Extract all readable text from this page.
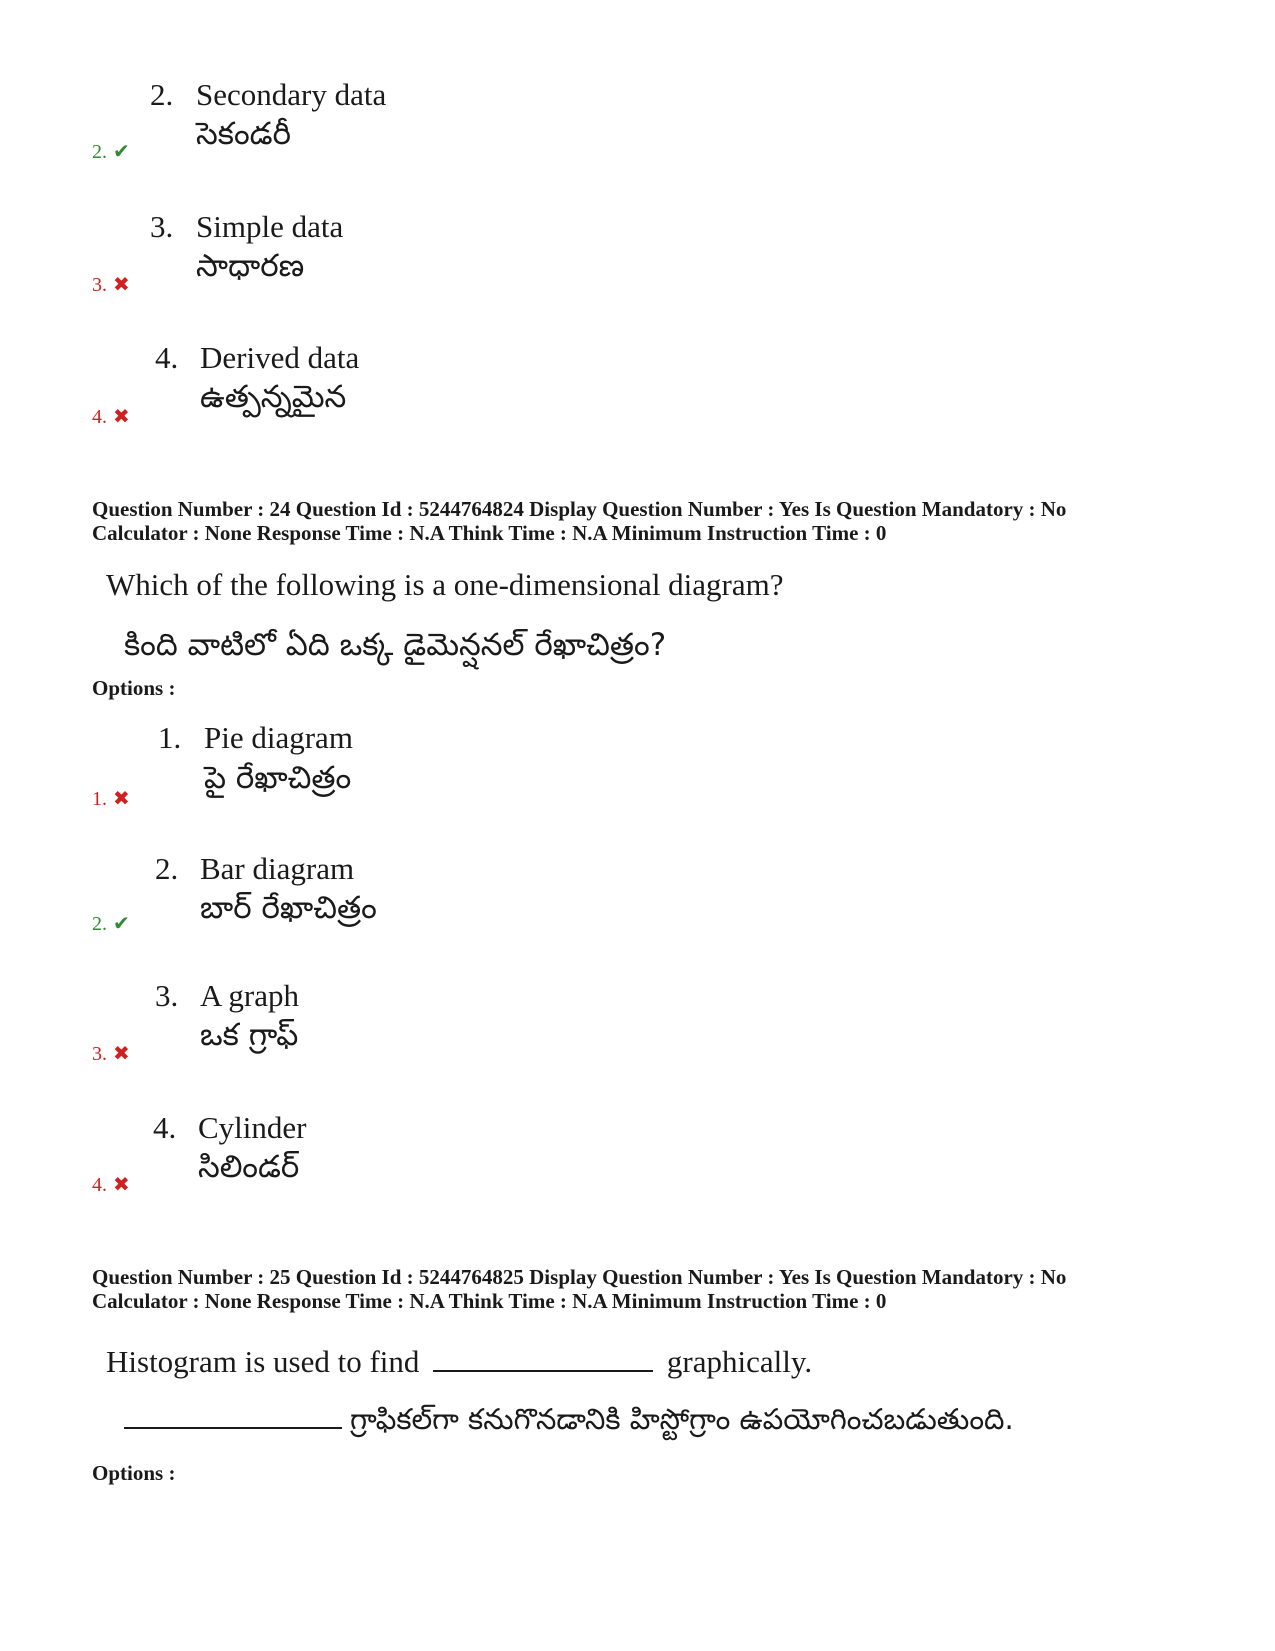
2. Secondary data
సెకండరీ
2. ✔
3. Simple data
సాధారణ
3. ✖
4. Derived data
ఉత్పన్నమైన
4. ✖
Question Number : 24 Question Id : 5244764824 Display Question Number : Yes Is Question Mandatory : No
Calculator : None Response Time : N.A Think Time : N.A Minimum Instruction Time : 0
Which of the following is a one-dimensional diagram?
కింది వాటిలో ఏది ఒక్క డైమెన్షనల్ రేఖాచిత్రం?
Options :
1. Pie diagram
పై రేఖాచిత్రం
1. ✖
2. Bar diagram
బార్ రేఖాచిత్రం
2. ✔
3. A graph
ఒక గ్రాఫ్
3. ✖
4. Cylinder
సిలిండర్
4. ✖
Question Number : 25 Question Id : 5244764825 Display Question Number : Yes Is Question Mandatory : No
Calculator : None Response Time : N.A Think Time : N.A Minimum Instruction Time : 0
Histogram is used to find	graphically.
గ్రాఫికల్‌గా కనుగొనడానికి హిస్టోగ్రాం ఉపయోగించబడుతుంది.
Options :
